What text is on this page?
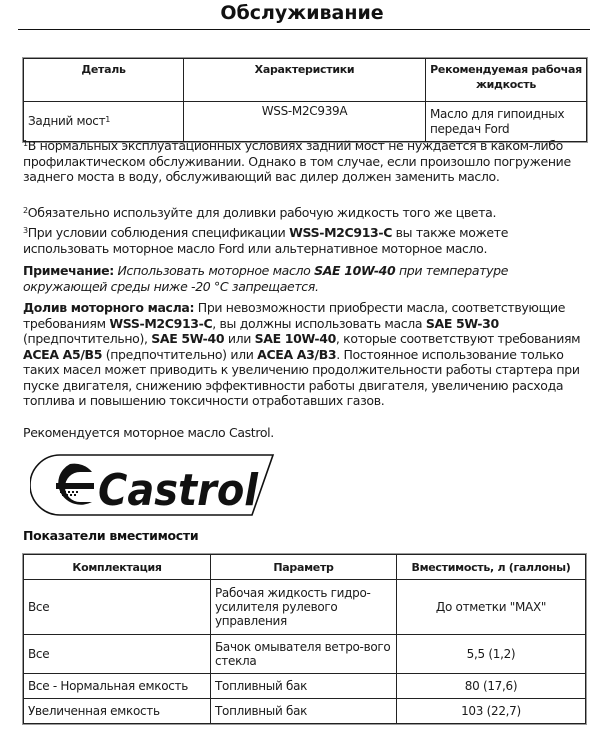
Обслуживание
Деталь	Характеристики	Рекомендуемая рабочая жидкость
Задний мост$^1$	WSS-M2C939A	Масло для гипоидных передач Ford
$^1$В нормальных эксплуатационных условиях задний мост не нуждается в каком-либо профилактическом обслуживании. Однако в том случае, если произошло погружение заднего моста в воду, обслуживающий вас дилер должен заменить масло.
$^2$Обязательно используйте для доливки рабочую жидкость того же цвета.
$^3$При условии соблюдения спецификации WSS-M2C913-C вы также можете использовать моторное масло Ford или альтернативное моторное масло.
Примечание: Использовать моторное масло SAE 10W-40 при температуре окружающей среды ниже -20 °C запрещается.
Долив моторного масла: При невозможности приобрести масла, соответствующие требованиям WSS-M2C913-C, вы должны использовать масла SAE 5W-30 (предпочтительно), SAE 5W-40 или SAE 10W-40, которые соответствуют требованиям ACEA A5/B5 (предпочтительно) или ACEA A3/B3. Постоянное использование только таких масел может приводить к увеличению продолжительности работы стартера при пуске двигателя, снижению эффективности работы двигателя, увеличению расхода топлива и повышению токсичности отработавших газов.
Рекомендуется моторное масло Castrol.
Castrol
Показатели вместимости
Комплектация	Параметр	Вместимость, л (галлоны)
Все	Рабочая жидкость гидро-усилителя рулевого управления	До отметки "MAX"
Все	Бачок омывателя ветро-вого стекла	5,5 (1,2)
Все - Нормальная емкость	Топливный бак	80 (17,6)
Увеличенная емкость	Топливный бак	103 (22,7)
